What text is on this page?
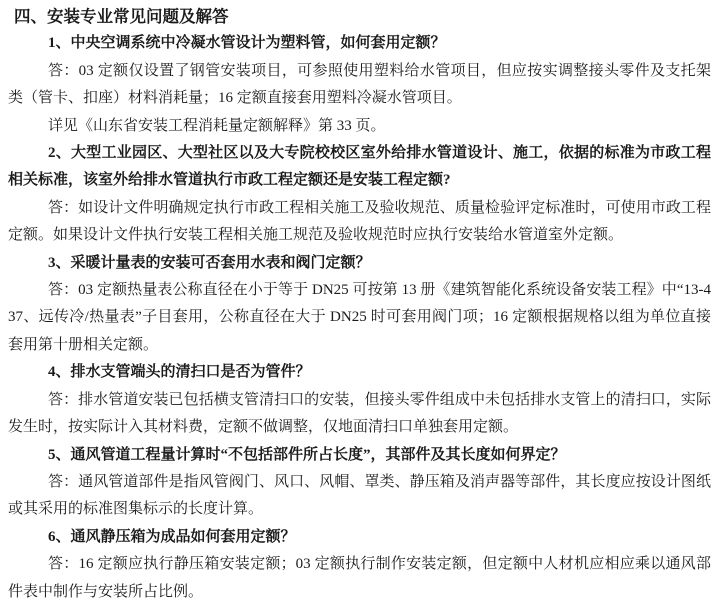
四、安装专业常见问题及解答

1、中央空调系统中冷凝水管设计为塑料管，如何套用定额？

答：03 定额仅设置了钢管安装项目，可参照使用塑料给水管项目，但应按实调整接头零件及支托架类（管卡、扣座）材料消耗量；16 定额直接套用塑料冷凝水管项目。

详见《山东省安装工程消耗量定额解释》第 33 页。

2、大型工业园区、大型社区以及大专院校校区室外给排水管道设计、施工，依据的标准为市政工程相关标准，该室外给排水管道执行市政工程定额还是安装工程定额?

答：如设计文件明确规定执行市政工程相关施工及验收规范、质量检验评定标准时，可使用市政工程定额。如果设计文件执行安装工程相关施工规范及验收规范时应执行安装给水管道室外定额。

3、采暖计量表的安装可否套用水表和阀门定额？

答：03 定额热量表公称直径在小于等于 DN25 可按第 13 册《建筑智能化系统设备安装工程》中“13-437、远传冷/热量表”子目套用，公称直径在大于 DN25 时可套用阀门项；16 定额根据规格以组为单位直接套用第十册相关定额。

4、排水支管端头的清扫口是否为管件？

答：排水管道安装已包括横支管清扫口的安装，但接头零件组成中未包括排水支管上的清扫口，实际发生时，按实际计入其材料费，定额不做调整，仅地面清扫口单独套用定额。

5、通风管道工程量计算时“不包括部件所占长度”，其部件及其长度如何界定？

答：通风管道部件是指风管阀门、风口、风帽、罩类、静压箱及消声器等部件，其长度应按设计图纸或其采用的标准图集标示的长度计算。

6、通风静压箱为成品如何套用定额？

答：16 定额应执行静压箱安装定额；03 定额执行制作安装定额，但定额中人材机应相应乘以通风部件表中制作与安装所占比例。
